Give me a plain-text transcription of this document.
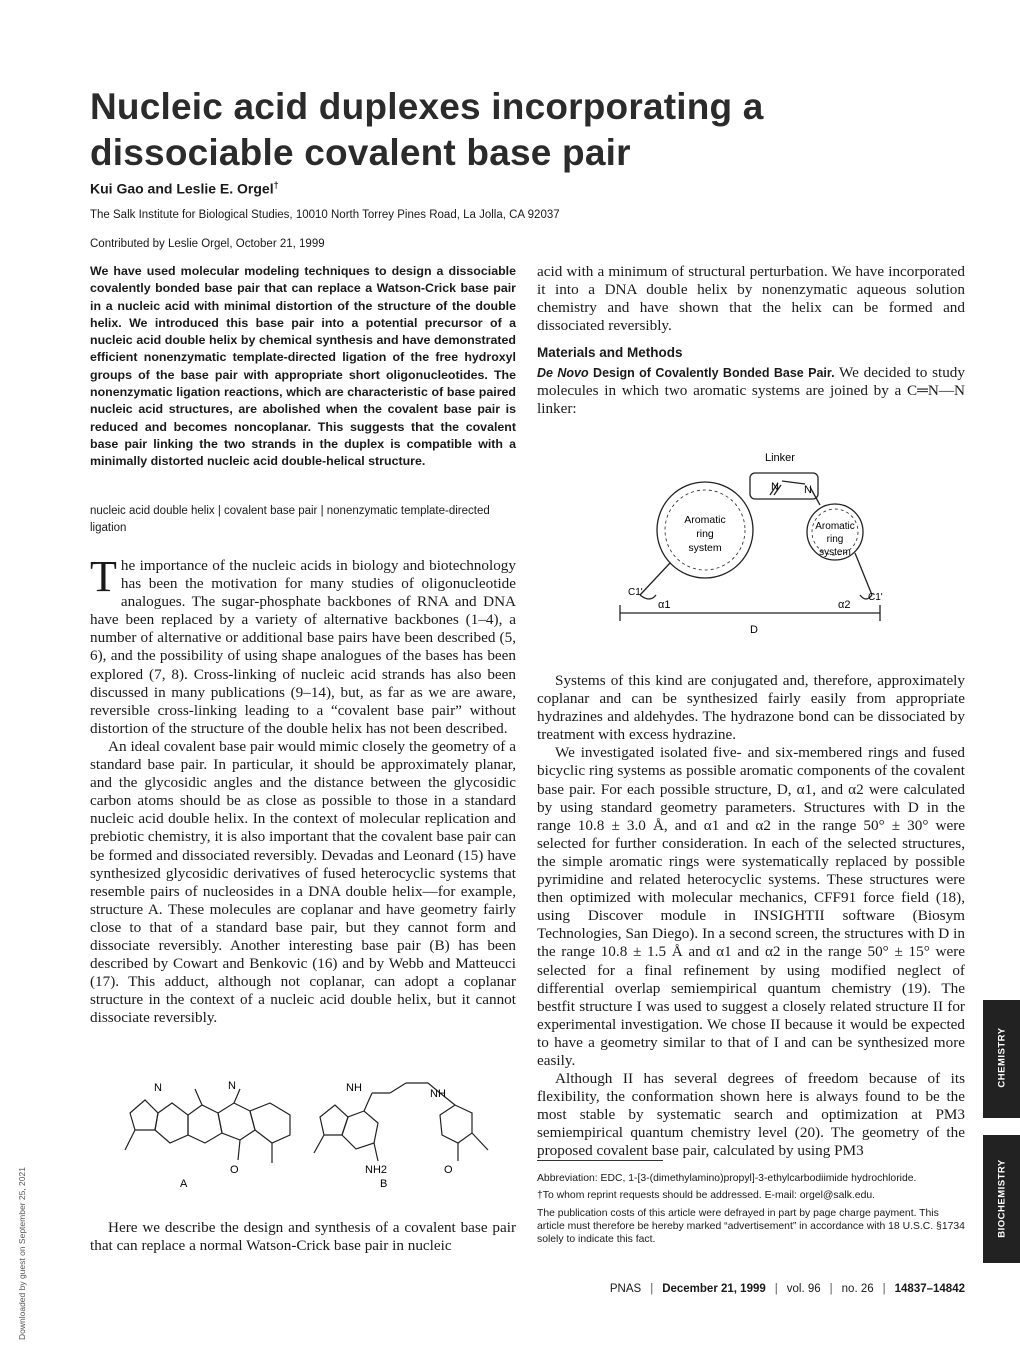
Nucleic acid duplexes incorporating a dissociable covalent base pair
Kui Gao and Leslie E. Orgel†
The Salk Institute for Biological Studies, 10010 North Torrey Pines Road, La Jolla, CA 92037
Contributed by Leslie Orgel, October 21, 1999
We have used molecular modeling techniques to design a dissociable covalently bonded base pair that can replace a Watson-Crick base pair in a nucleic acid with minimal distortion of the structure of the double helix. We introduced this base pair into a potential precursor of a nucleic acid double helix by chemical synthesis and have demonstrated efficient nonenzymatic template-directed ligation of the free hydroxyl groups of the base pair with appropriate short oligonucleotides. The nonenzymatic ligation reactions, which are characteristic of base paired nucleic acid structures, are abolished when the covalent base pair is reduced and becomes noncoplanar. This suggests that the covalent base pair linking the two strands in the duplex is compatible with a minimally distorted nucleic acid double-helical structure.
nucleic acid double helix | covalent base pair | nonenzymatic template-directed ligation

The importance of the nucleic acids in biology and biotechnology has been the motivation for many studies of oligonucleotide analogues. The sugar-phosphate backbones of RNA and DNA have been replaced by a variety of alternative backbones (1–4), a number of alternative or additional base pairs have been described (5, 6), and the possibility of using shape analogues of the bases has been explored (7, 8). Cross-linking of nucleic acid strands has also been discussed in many publications (9–14), but, as far as we are aware, reversible cross-linking leading to a “covalent base pair” without distortion of the structure of the double helix has not been described.

An ideal covalent base pair would mimic closely the geometry of a standard base pair. In particular, it should be approximately planar, and the glycosidic angles and the distance between the glycosidic carbon atoms should be as close as possible to those in a standard nucleic acid double helix. In the context of molecular replication and prebiotic chemistry, it is also important that the covalent base pair can be formed and dissociated reversibly. Devadas and Leonard (15) have synthesized glycosidic derivatives of fused heterocyclic systems that resemble pairs of nucleosides in a DNA double helix—for example, structure A. These molecules are coplanar and have geometry fairly close to that of a standard base pair, but they cannot form and dissociate reversibly. Another interesting base pair (B) has been described by Cowart and Benkovic (16) and by Webb and Matteucci (17). This adduct, although not coplanar, can adopt a coplanar structure in the context of a nucleic acid double helix, but it cannot dissociate reversibly.

N	N
O
NH	NH
NH2	O
A	B

Here we describe the design and synthesis of a covalent base pair that can replace a normal Watson-Crick base pair in nucleic

acid with a minimum of structural perturbation. We have incorporated it into a DNA double helix by nonenzymatic aqueous solution chemistry and have shown that the helix can be formed and dissociated reversibly.
Materials and Methods
De Novo Design of Covalently Bonded Base Pair. We decided to study molecules in which two aromatic systems are joined by a C═N—N linker:
Linker
N N
Aromatic
ring
system
Aromatic
ring
system
C1'	C1'
α1	α2
D

Systems of this kind are conjugated and, therefore, approximately coplanar and can be synthesized fairly easily from appropriate hydrazines and aldehydes. The hydrazone bond can be dissociated by treatment with excess hydrazine.

We investigated isolated five- and six-membered rings and fused bicyclic ring systems as possible aromatic components of the covalent base pair. For each possible structure, D, α1, and α2 were calculated by using standard geometry parameters. Structures with D in the range 10.8 ± 3.0 Å, and α1 and α2 in the range 50° ± 30° were selected for further consideration. In each of the selected structures, the simple aromatic rings were systematically replaced by possible pyrimidine and related heterocyclic systems. These structures were then optimized with molecular mechanics, CFF91 force field (18), using Discover module in INSIGHTII software (Biosym Technologies, San Diego). In a second screen, the structures with D in the range 10.8 ± 1.5 Å and α1 and α2 in the range 50° ± 15° were selected for a final refinement by using modified neglect of differential overlap semiempirical quantum chemistry (19). The bestfit structure I was used to suggest a closely related structure II for experimental investigation. We chose II because it would be expected to have a geometry similar to that of I and can be synthesized more easily.

Although II has several degrees of freedom because of its flexibility, the conformation shown here is always found to be the most stable by systematic search and optimization at PM3 semiempirical quantum chemistry level (20). The geometry of the proposed covalent base pair, calculated by using PM3

Abbreviation: EDC, 1-[3-(dimethylamino)propyl]-3-ethylcarbodiimide hydrochloride.

†To whom reprint requests should be addressed. E-mail: orgel@salk.edu.

The publication costs of this article were defrayed in part by page charge payment. This article must therefore be hereby marked “advertisement” in accordance with 18 U.S.C. §1734 solely to indicate this fact.

PNAS | December 21, 1999 | vol. 96 | no. 26 | 14837–14842
CHEMISTRY
BIOCHEMISTRY
Downloaded by guest on September 25, 2021
